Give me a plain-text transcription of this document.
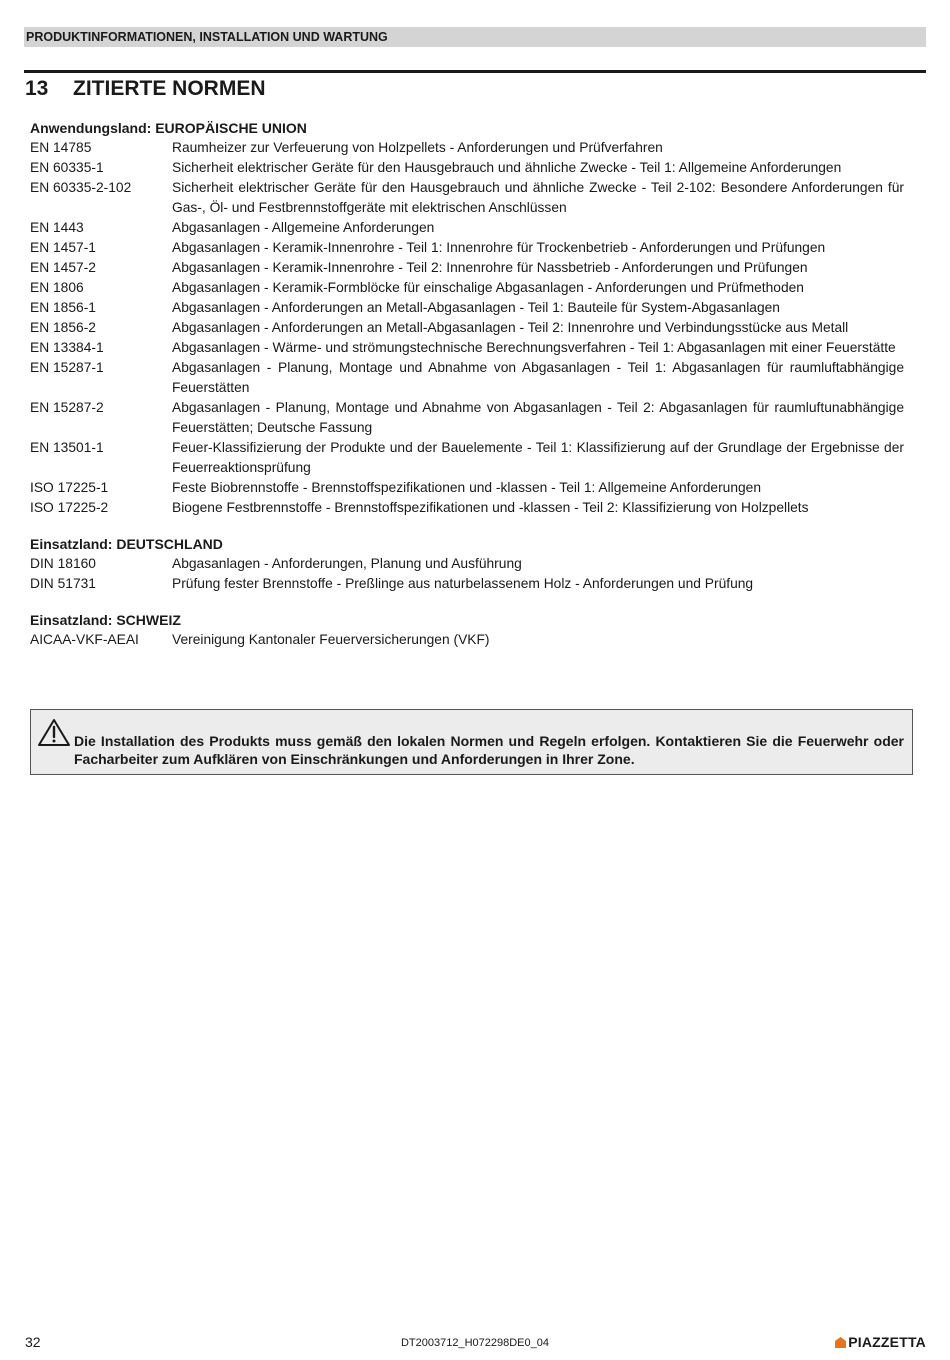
PRODUKTINFORMATIONEN, INSTALLATION UND WARTUNG
13 ZITIERTE NORMEN
Anwendungsland: EUROPÄISCHE UNION
EN 14785	Raumheizer zur Verfeuerung von Holzpellets - Anforderungen und Prüfverfahren
EN 60335-1	Sicherheit elektrischer Geräte für den Hausgebrauch und ähnliche Zwecke - Teil 1: Allgemeine Anforderungen
EN 60335-2-102	Sicherheit elektrischer Geräte für den Hausgebrauch und ähnliche Zwecke - Teil 2-102: Besondere Anforderungen für Gas-, Öl- und Festbrennstoffgeräte mit elektrischen Anschlüssen
EN 1443	Abgasanlagen - Allgemeine Anforderungen
EN 1457-1	Abgasanlagen - Keramik-Innenrohre - Teil 1: Innenrohre für Trockenbetrieb - Anforderungen und Prüfungen
EN 1457-2	Abgasanlagen - Keramik-Innenrohre - Teil 2: Innenrohre für Nassbetrieb - Anforderungen und Prüfungen
EN 1806	Abgasanlagen - Keramik-Formblöcke für einschalige Abgasanlagen - Anforderungen und Prüfmethoden
EN 1856-1	Abgasanlagen - Anforderungen an Metall-Abgasanlagen - Teil 1: Bauteile für System-Abgasanlagen
EN 1856-2	Abgasanlagen - Anforderungen an Metall-Abgasanlagen - Teil 2: Innenrohre und Verbindungsstücke aus Metall
EN 13384-1	Abgasanlagen - Wärme- und strömungstechnische Berechnungsverfahren - Teil 1: Abgasanlagen mit einer Feuerstätte
EN 15287-1	Abgasanlagen - Planung, Montage und Abnahme von Abgasanlagen - Teil 1: Abgasanlagen für raumluftabhängige Feuerstätten
EN 15287-2	Abgasanlagen - Planung, Montage und Abnahme von Abgasanlagen - Teil 2: Abgasanlagen für raumluftunabhängige Feuerstätten; Deutsche Fassung
EN 13501-1	Feuer-Klassifizierung der Produkte und der Bauelemente - Teil 1: Klassifizierung auf der Grundlage der Ergebnisse der Feuerreaktionsprüfung
ISO 17225-1	Feste Biobrennstoffe - Brennstoffspezifikationen und -klassen - Teil 1: Allgemeine Anforderungen
ISO 17225-2	Biogene Festbrennstoffe - Brennstoffspezifikationen und -klassen - Teil 2: Klassifizierung von Holzpellets
Einsatzland: DEUTSCHLAND
DIN 18160	Abgasanlagen - Anforderungen, Planung und Ausführung
DIN 51731	Prüfung fester Brennstoffe - Preßlinge aus naturbelassenem Holz - Anforderungen und Prüfung
Einsatzland: SCHWEIZ
AICAA-VKF-AEAI	Vereinigung Kantonaler Feuerversicherungen (VKF)
Die Installation des Produkts muss gemäß den lokalen Normen und Regeln erfolgen. Kontaktieren Sie die Feuerwehr oder Facharbeiter zum Aufklären von Einschränkungen und Anforderungen in Ihrer Zone.
32	DT2003712_H072298DE0_04	PIAZZETTA
